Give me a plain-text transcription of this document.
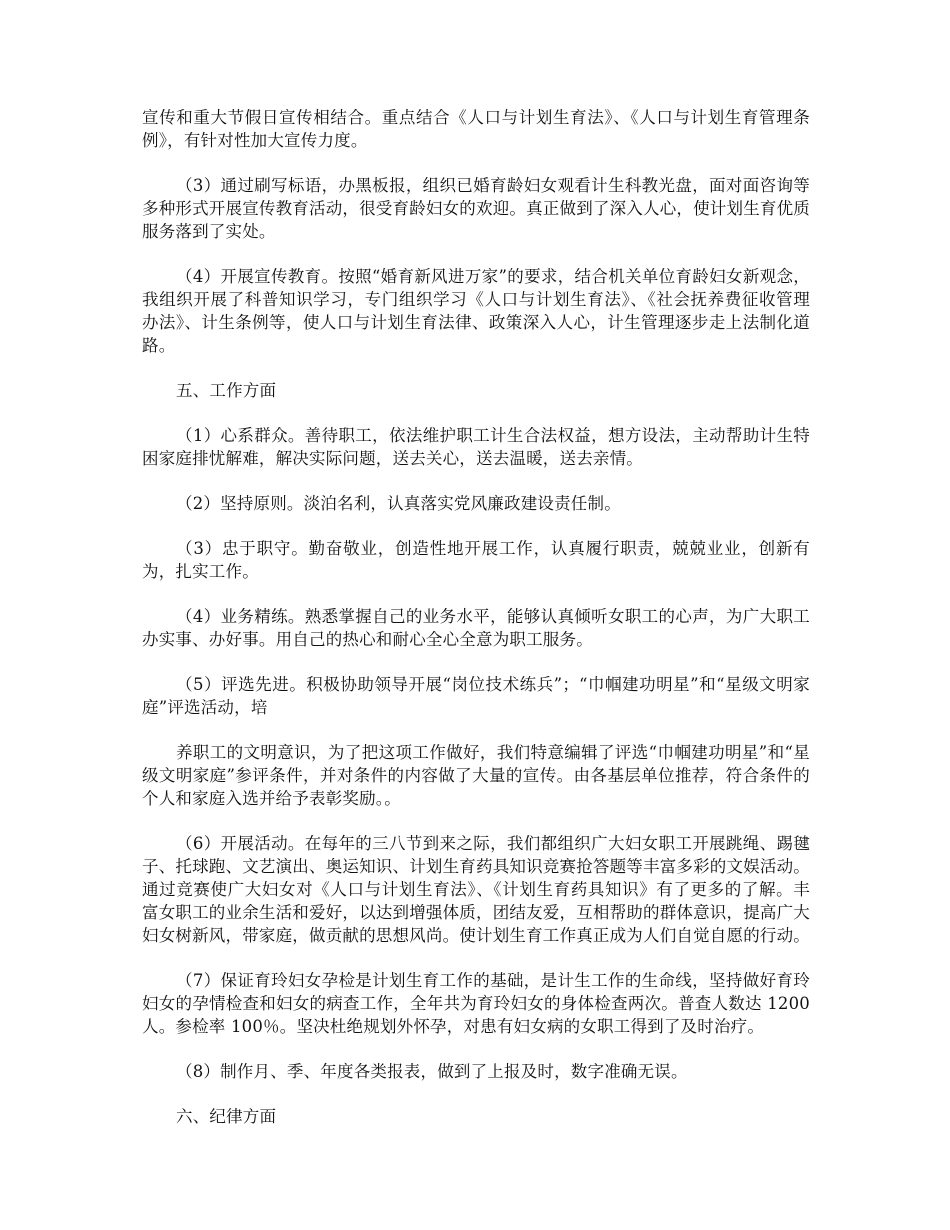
宣传和重大节假日宣传相结合。重点结合《人口与计划生育法》、《人口与计划生育管理条例》，有针对性加大宣传力度。

（3）通过刷写标语，办黑板报，组织已婚育龄妇女观看计生科教光盘，面对面咨询等多种形式开展宣传教育活动，很受育龄妇女的欢迎。真正做到了深入人心，使计划生育优质服务落到了实处。

（4）开展宣传教育。按照“婚育新风进万家”的要求，结合机关单位育龄妇女新观念，我组织开展了科普知识学习，专门组织学习《人口与计划生育法》、《社会抚养费征收管理办法》、计生条例等，使人口与计划生育法律、政策深入人心，计生管理逐步走上法制化道路。

五、工作方面

（1）心系群众。善待职工，依法维护职工计生合法权益，想方设法，主动帮助计生特困家庭排忧解难，解决实际问题，送去关心，送去温暖，送去亲情。

（2）坚持原则。淡泊名利，认真落实党风廉政建设责任制。

（3）忠于职守。勤奋敬业，创造性地开展工作，认真履行职责，兢兢业业，创新有为，扎实工作。

（4）业务精练。熟悉掌握自己的业务水平，能够认真倾听女职工的心声，为广大职工办实事、办好事。用自己的热心和耐心全心全意为职工服务。

（5）评选先进。积极协助领导开展“岗位技术练兵”；“巾帼建功明星”和“星级文明家庭”评选活动，培

养职工的文明意识，为了把这项工作做好，我们特意编辑了评选“巾帼建功明星”和“星级文明家庭”参评条件，并对条件的内容做了大量的宣传。由各基层单位推荐，符合条件的个人和家庭入选并给予表彰奖励。。

（6）开展活动。在每年的三八节到来之际，我们都组织广大妇女职工开展跳绳、踢毽子、托球跑、文艺演出、奥运知识、计划生育药具知识竞赛抢答题等丰富多彩的文娱活动。通过竞赛使广大妇女对《人口与计划生育法》、《计划生育药具知识》有了更多的了解。丰富女职工的业余生活和爱好，以达到增强体质，团结友爱，互相帮助的群体意识，提高广大妇女树新风，带家庭，做贡献的思想风尚。使计划生育工作真正成为人们自觉自愿的行动。

（7）保证育玲妇女孕检是计划生育工作的基础，是计生工作的生命线，坚持做好育玲妇女的孕情检查和妇女的病查工作，全年共为育玲妇女的身体检查两次。普查人数达 1200 人。参检率 100％。坚决杜绝规划外怀孕，对患有妇女病的女职工得到了及时治疗。

（8）制作月、季、年度各类报表，做到了上报及时，数字准确无误。

六、纪律方面
